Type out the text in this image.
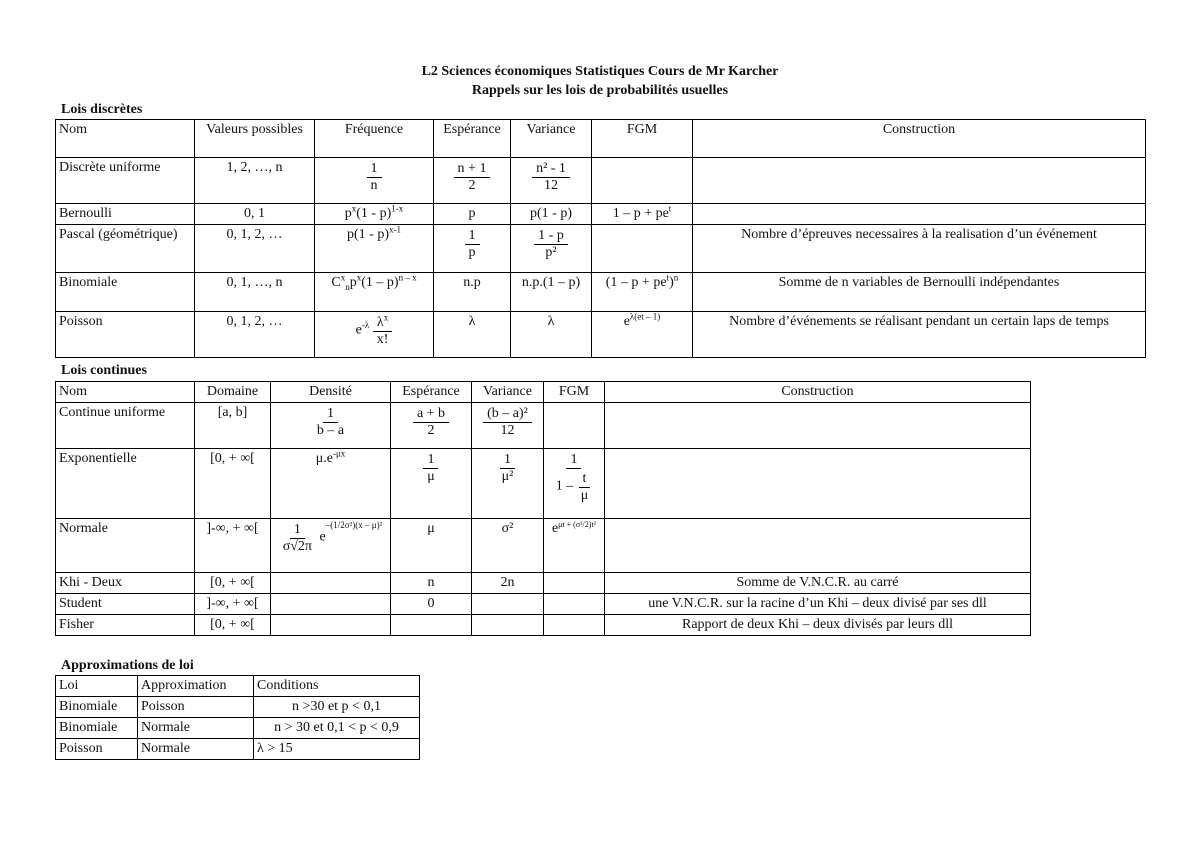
L2 Sciences économiques Statistiques Cours de Mr Karcher
Rappels sur les lois de probabilités usuelles
Lois discrètes
Nom	Valeurs possibles	Fréquence	Espérance	Variance	FGM	Construction
Discrète uniforme	1, 2, …, n	$\frac{1}{n}$	$\frac{n + 1}{2}$	$\frac{\text{n² - 1}}{12}$

Bernoulli	0, 1	$p^x(1 - p)^{1-x}$	p	p(1 - p)	$1 - p + pe^t$	
Pascal (géométrique)	0, 1, 2, …	p(1 - p)$^{x-1}$	$\frac{1}{p}$	$\frac{1 - p}{\text{p²}}$		Nombre d’épreuves necessaires à la realisation d’un événement
Binomiale	0, 1, …, n	$C^x_np^x(1 - p)^{n - x}$	n.p	n.p.(1 – p)	$(1 - p + pe^t)^n$	Somme de n variables de Bernoulli indépendantes
Poisson	0, 1, 2, …	$e^{-\lambda} \frac{\lambda^x}{x!}$	λ	λ	$e^{\lambda(et - 1)}$	Nombre d’événements se réalisant pendant un certain laps de temps
Lois continues
Nom	Domaine	Densité	Espérance	Variance	FGM	Construction
Continue uniforme	[a, b]	$\frac{1}{b - a}$	$\frac{a + b}{2}$	$\frac{\text{(b – a)²}}{12}$

Exponentielle	[0, + ∞[	$\mu.e^{-\mu x}$	$\frac{1}{\mu}$	$\frac{1}{\text{μ²}}$	$\frac{1}{1 - \frac{t}{\mu}}$

Normale	]-∞, + ∞[	$\frac{1}{\sigma√2\pi} e-(1/2\sigma^2)(x - \mu)^2$	μ	σ²	eμt + (σ²/2)t²	
Khi - Deux	[0, + ∞[		n	2n		Somme de V.N.C.R. au carré
Student	]-∞, + ∞[		0			une V.N.C.R. sur la racine d’un Khi – deux divisé par ses dll
Fisher	[0, + ∞[					Rapport de deux Khi – deux divisés par leurs dll
Approximations de loi
Loi	Approximation	Conditions
Binomiale	Poisson	n >30 et p < 0,1
Binomiale	Normale	n > 30 et 0,1 < p < 0,9
Poisson	Normale	λ > 15
